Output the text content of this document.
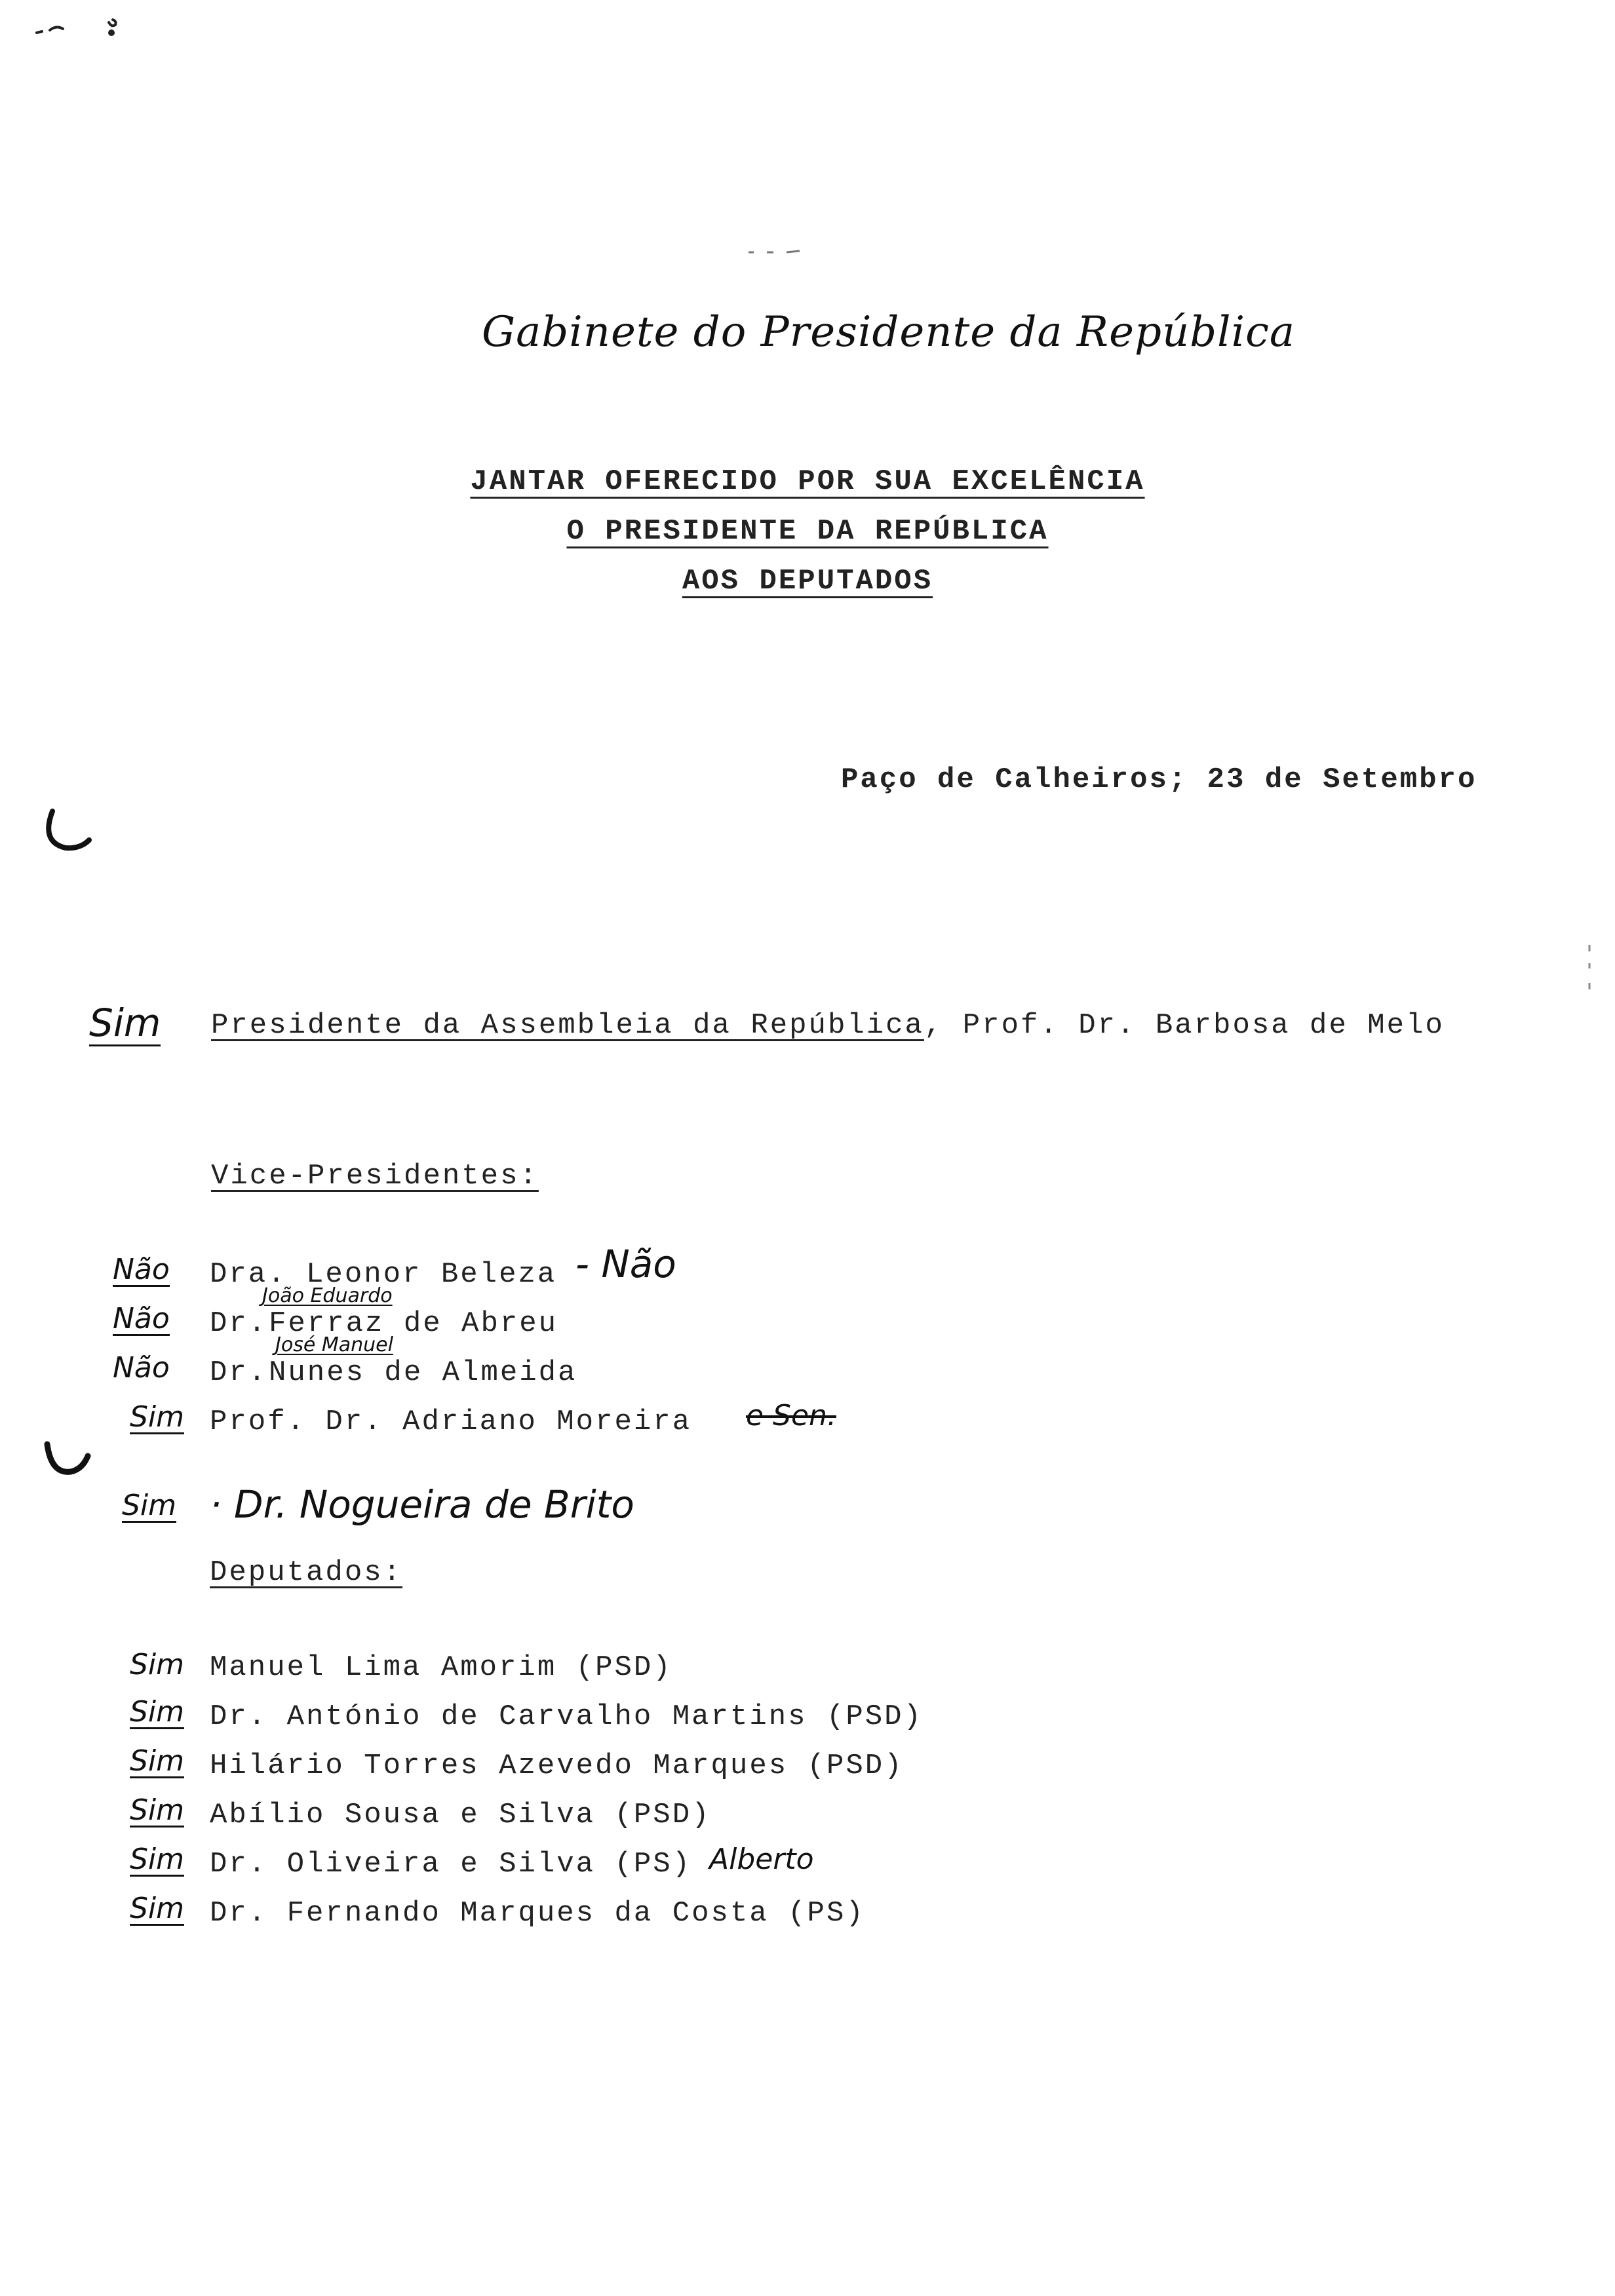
Gabinete do Presidente da República
JANTAR OFERECIDO POR SUA EXCELÊNCIA
O PRESIDENTE DA REPÚBLICA
AOS DEPUTADOS
Paço de Calheiros; 23 de Setembro
Sim Presidente da Assembleia da República, Prof. Dr. Barbosa de Melo
Vice-Presidentes:
Não Dra. Leonor Beleza - Não
Não Dr.
João Eduardo
Ferraz de Abreu
Não Dr.
José Manuel
Nunes de Almeida
Sim Prof. Dr. Adriano Moreira e Sen.
Sim · Dr. Nogueira de Brito
Deputados:
Sim Manuel Lima Amorim (PSD)
Sim Dr. António de Carvalho Martins (PSD)
Sim Hilário Torres Azevedo Marques (PSD)
Sim Abílio Sousa e Silva (PSD)
Sim Dr. Oliveira e Silva (PS) Alberto
Sim Dr. Fernando Marques da Costa (PS)
